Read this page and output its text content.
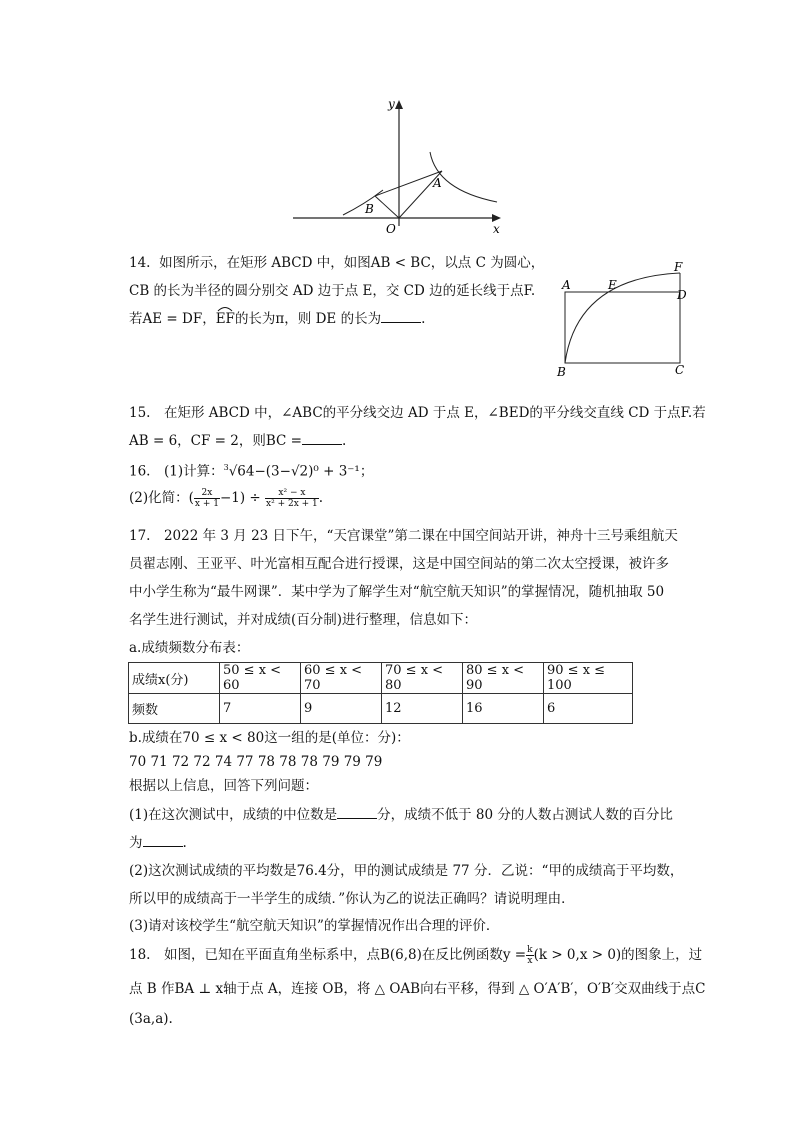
y
x
O
A
B
14. 如图所示，在矩形 ABCD 中，如图AB < BC，以点 C 为圆心，
CB 的长为半径的圆分别交 AD 边于点 E，交 CD 边的延长线于点F.
若AE = DF，EF
的长为π，则 DE 的长为	.
A	E
F
D
B	C
15.　在矩形 ABCD 中，∠ABC的平分线交边 AD 于点 E，∠BED的平分线交直线 CD 于点F.若
AB = 6，CF = 2，则BC =	.
16.　(1)计算：$^3$√64−(3−√2)⁰ + 3⁻¹；
(2)化简：( $\frac{2x}{x + 1} -1) \div \frac{\text{x² − x}}{\text{x² + 2x + 1}}$ .
17.　2022 年 3 月 23 日下午，“天宫课堂”第二课在中国空间站开讲，神舟十三号乘组航天
员翟志刚、王亚平、叶光富相互配合进行授课，这是中国空间站的第二次太空授课，被许多
中小学生称为“最牛网课”．某中学为了解学生对“航空航天知识”的掌握情况，随机抽取 50
名学生进行测试，并对成绩(百分制)进行整理，信息如下：
a.成绩频数分布表：
成绩x(分)	50 ≤ x < 60	60 ≤ x < 70	70 ≤ x < 80	80 ≤ x < 90	90 ≤ x ≤ 100
频数	7	9	12	16	6
b.成绩在70 ≤ x < 80这一组的是(单位：分)：
70 71 72 72 74 77 78 78 78 79 79 79
根据以上信息，回答下列问题：
(1)在这次测试中，成绩的中位数是	分，成绩不低于 80 分的人数占测试人数的百分比
为	.
(2)这次测试成绩的平均数是76.4分，甲的测试成绩是 77 分．乙说：“甲的成绩高于平均数，
所以甲的成绩高于一半学生的成绩．”你认为乙的说法正确吗？请说明理由．
(3)请对该校学生“航空航天知识”的掌握情况作出合理的评价．
18.　如图，已知在平面直角坐标系中，点B(6,8)在反比例函数$y = \frac{k}{x} (k > 0,x > 0)$的图象上，过
点 B 作BA ⊥ x轴于点 A，连接 OB，将 △ OAB向右平移，得到 △ O′A′B′，O′B′交双曲线于点C
(3a,a).
